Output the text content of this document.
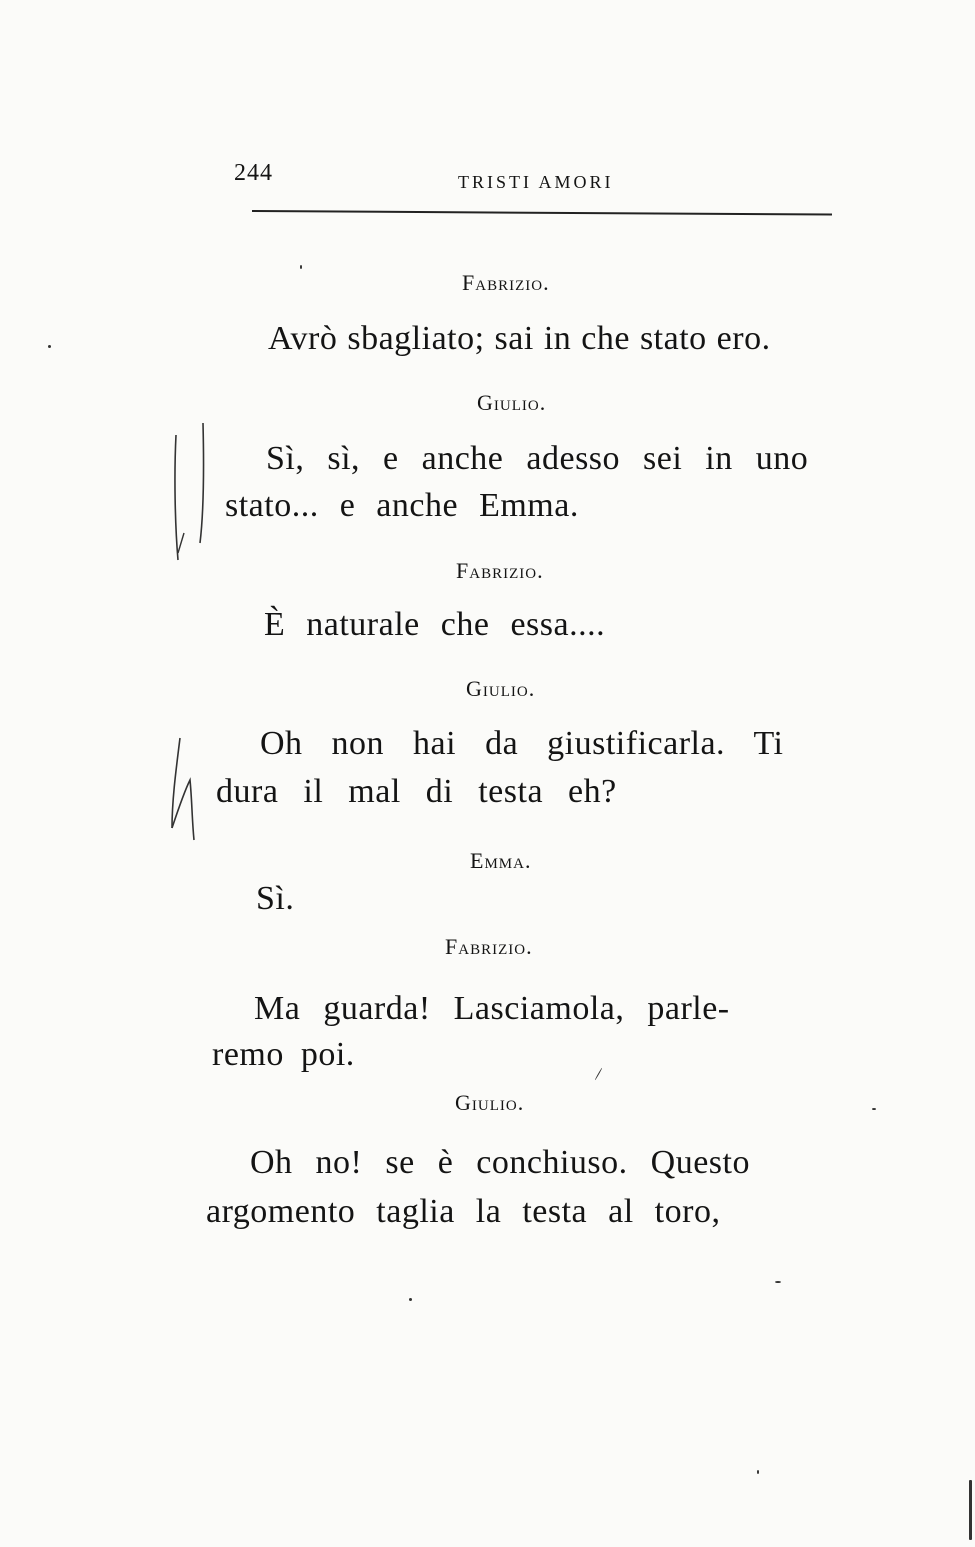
244	TRISTI AMORI
Fabrizio.
Avrò sbagliato; sai in che stato ero.
Giulio.
Sì, sì, e anche adesso sei in uno
stato... e anche Emma.
Fabrizio.
È naturale che essa....
Giulio.
Oh non hai da giustificarla. Ti
dura il mal di testa eh?
Emma.
Sì.
Fabrizio.
Ma guarda! Lasciamola, parle-
remo poi.
Giulio.
Oh no! se è conchiuso. Questo
argomento taglia la testa al toro,
